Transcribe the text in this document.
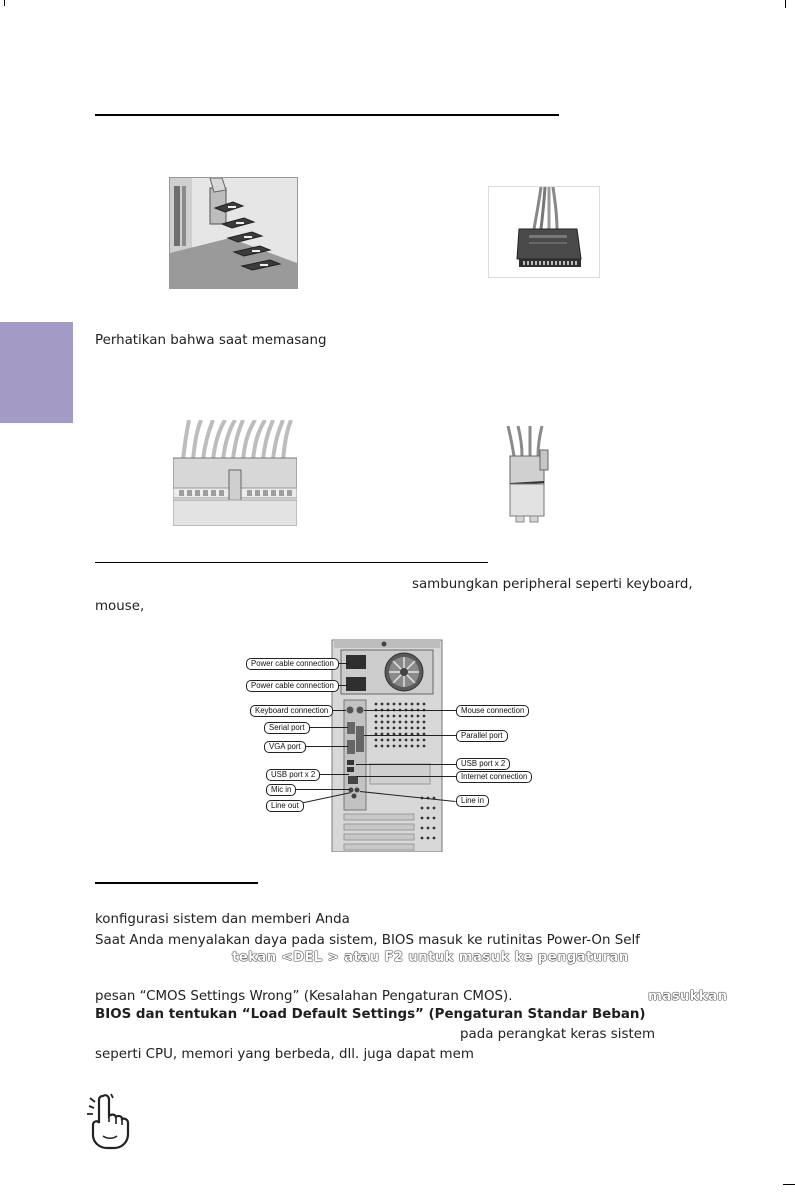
Perhatikan bahwa saat memasang
sambungkan peripheral seperti keyboard,
mouse,
Power cable connection
Power cable connection
Keyboard connection
Serial port
VGA port
USB port x 2
Mic in
Line out
Mouse connection
Parallel port
USB port x 2
Internet connection
Line in
konfigurasi sistem dan memberi Anda
Saat Anda menyalakan daya pada sistem, BIOS masuk ke rutinitas Power-On Self
tekan <DEL > atau F2 untuk masuk ke pengaturan
pesan “CMOS Settings Wrong” (Kesalahan Pengaturan CMOS).	masukkan
BIOS dan tentukan “Load Default Settings” (Pengaturan Standar Beban)
pada perangkat keras sistem
seperti CPU, memori yang berbeda, dll. juga dapat mem
